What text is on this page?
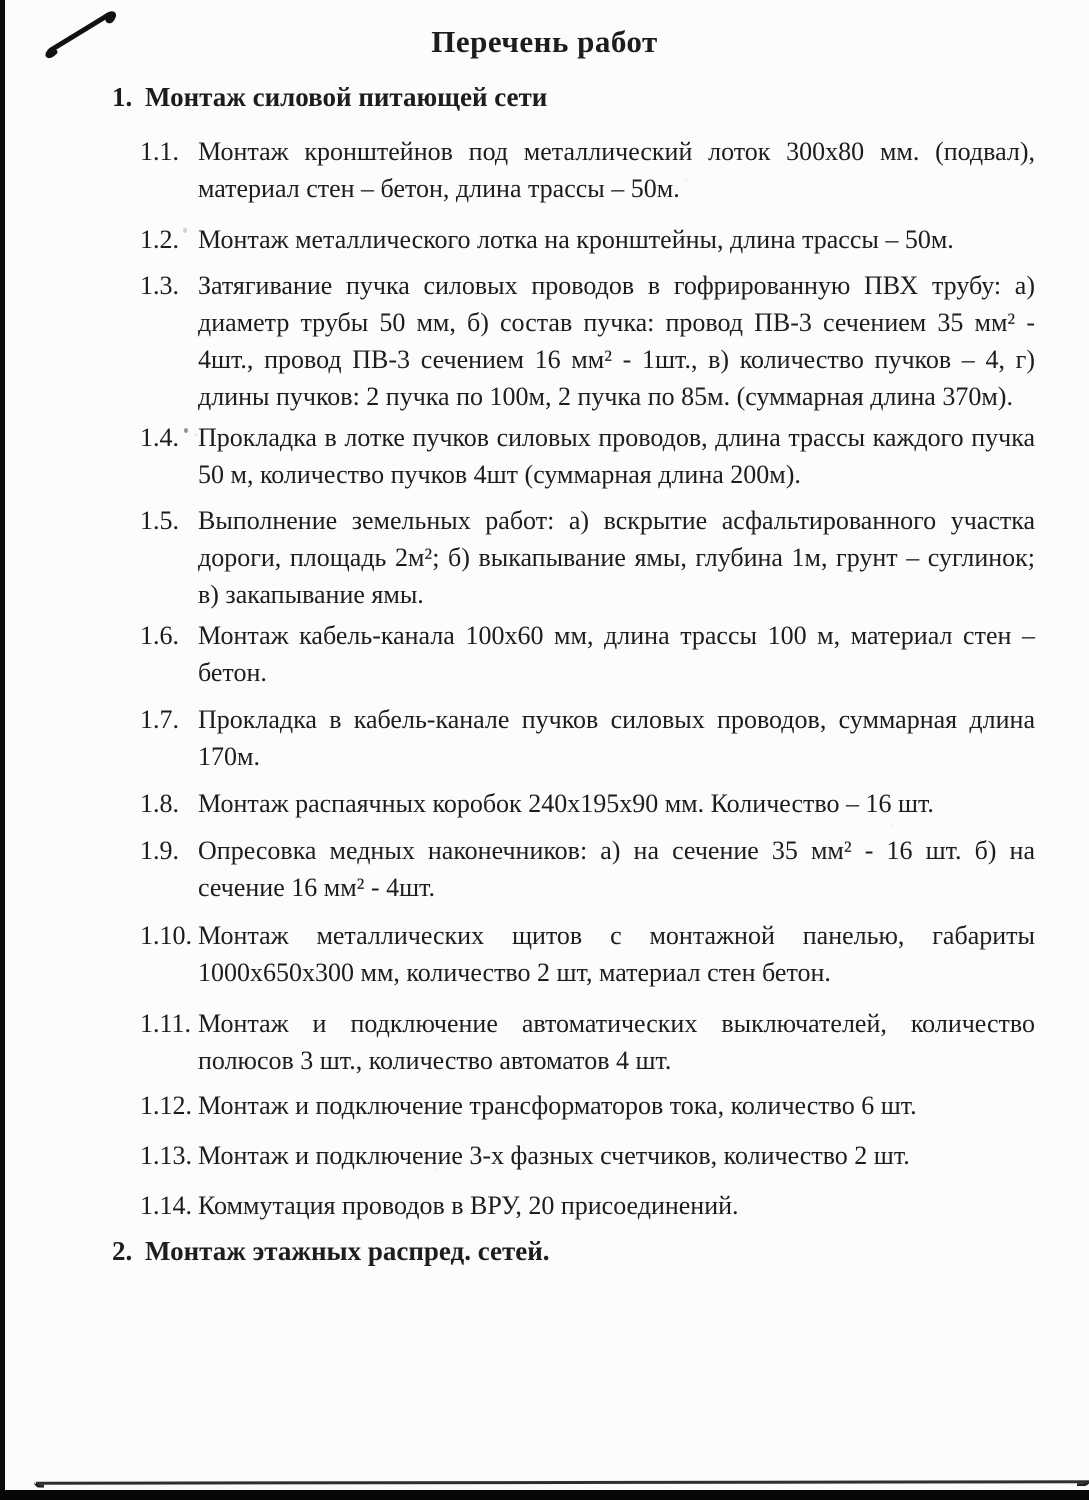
Перечень работ
1. Монтаж силовой питающей сети
1.1. Монтаж кронштейнов под металлический лоток 300х80 мм. (подвал), материал стен – бетон, длина трассы – 50м.
1.2. Монтаж металлического лотка на кронштейны, длина трассы – 50м.
1.3. Затягивание пучка силовых проводов в гофрированную ПВХ трубу: а) диаметр трубы 50 мм, б) состав пучка: провод ПВ-3 сечением 35 мм² - 4шт., провод ПВ-3 сечением 16 мм² - 1шт., в) количество пучков – 4, г) длины пучков: 2 пучка по 100м, 2 пучка по 85м. (суммарная длина 370м).
1.4. Прокладка в лотке пучков силовых проводов, длина трассы каждого пучка 50 м, количество пучков 4шт (суммарная длина 200м).
1.5. Выполнение земельных работ: а) вскрытие асфальтированного участка дороги, площадь 2м²; б) выкапывание ямы, глубина 1м, грунт – суглинок; в) закапывание ямы.
1.6. Монтаж кабель-канала 100х60 мм, длина трассы 100 м, материал стен – бетон.
1.7. Прокладка в кабель-канале пучков силовых проводов, суммарная длина 170м.
1.8. Монтаж распаячных коробок 240х195х90 мм. Количество – 16 шт.
1.9. Опресовка медных наконечников: а) на сечение 35 мм² - 16 шт. б) на сечение 16 мм² - 4шт.
1.10. Монтаж металлических щитов с монтажной панелью, габариты 1000х650х300 мм, количество 2 шт, материал стен бетон.
1.11. Монтаж и подключение автоматических выключателей, количество полюсов 3 шт., количество автоматов 4 шт.
1.12. Монтаж и подключение трансформаторов тока, количество 6 шт.
1.13. Монтаж и подключение 3-х фазных счетчиков, количество 2 шт.
1.14. Коммутация проводов в ВРУ, 20 присоединений.
2. Монтаж этажных распред. сетей.
